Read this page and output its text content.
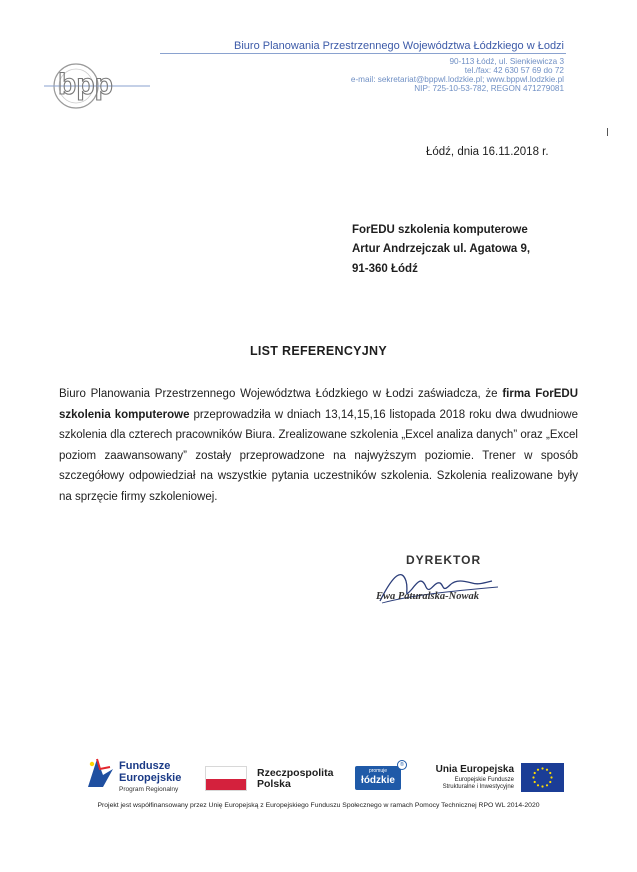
bpp
Biuro Planowania Przestrzennego Województwa Łódzkiego w Łodzi
90-113 Łódź, ul. Sienkiewicza 3
tel./fax: 42 630 57 69 do 72
e-mail: sekretariat@bppwl.lodzkie.pl; www.bppwl.lodzkie.pl
NIP: 725-10-53-782, REGON 471279081
Łódź, dnia 16.11.2018 r.
ForEDU szkolenia komputerowe
Artur Andrzejczak ul. Agatowa 9,
91-360 Łódź
LIST REFERENCYJNY
Biuro Planowania Przestrzennego Województwa Łódzkiego w Łodzi zaświadcza, że firma ForEDU szkolenia komputerowe przeprowadziła w dniach 13,14,15,16 listopada 2018 roku dwa dwudniowe szkolenia dla czterech pracowników Biura. Zrealizowane szkolenia „Excel analiza danych” oraz „Excel poziom zaawansowany” zostały przeprowadzone na najwyższym poziomie. Trener w sposób szczegółowy odpowiedział na wszystkie pytania uczestników szkolenia. Szkolenia realizowane były na sprzęcie firmy szkoleniowej.
DYREKTOR
Ewa Paturalska-Nowak
Fundusze
Europejskie
Program Regionalny
Rzeczpospolita
Polska
promuje
łódzkie
®	Unia Europejska
Europejskie Fundusze
Strukturalne i Inwestycyjne
Projekt jest współfinansowany przez Unię Europejską z Europejskiego Funduszu Społecznego w ramach Pomocy Technicznej RPO WL 2014-2020
